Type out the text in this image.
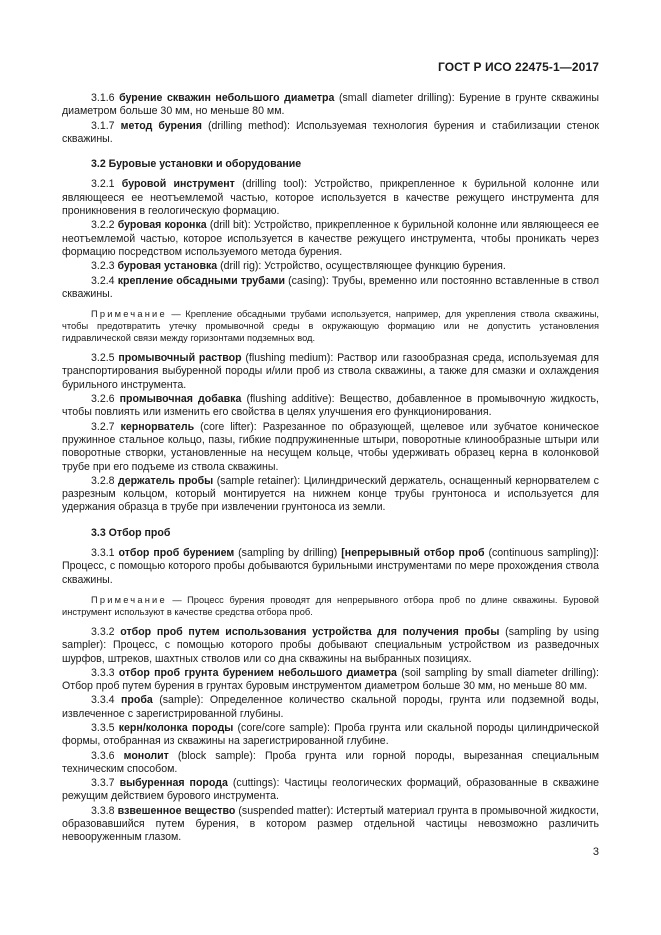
ГОСТ Р ИСО 22475-1—2017

3.1.6 бурение скважин небольшого диаметра (small diameter drilling): Бурение в грунте скважины диаметром больше 30 мм, но меньше 80 мм.

3.1.7 метод бурения (drilling method): Используемая технология бурения и стабилизации стенок скважины.

3.2 Буровые установки и оборудование

3.2.1 буровой инструмент (drilling tool): Устройство, прикрепленное к бурильной колонне или являющееся ее неотъемлемой частью, которое используется в качестве режущего инструмента для проникновения в геологическую формацию.

3.2.2 буровая коронка (drill bit): Устройство, прикрепленное к бурильной колонне или являющееся ее неотъемлемой частью, которое используется в качестве режущего инструмента, чтобы проникать через формацию посредством используемого метода бурения.

3.2.3 буровая установка (drill rig): Устройство, осуществляющее функцию бурения.

3.2.4 крепление обсадными трубами (casing): Трубы, временно или постоянно вставленные в ствол скважины.

Примечание — Крепление обсадными трубами используется, например, для укрепления ствола скважины, чтобы предотвратить утечку промывочной среды в окружающую формацию или не допустить установления гидравлической связи между горизонтами подземных вод.

3.2.5 промывочный раствор (flushing medium): Раствор или газообразная среда, используемая для транспортирования выбуренной породы и/или проб из ствола скважины, а также для смазки и охлаждения бурильного инструмента.

3.2.6 промывочная добавка (flushing additive): Вещество, добавленное в промывочную жидкость, чтобы повлиять или изменить его свойства в целях улучшения его функционирования.

3.2.7 кернорватель (core lifter): Разрезанное по образующей, щелевое или зубчатое коническое пружинное стальное кольцо, пазы, гибкие подпружиненные штыри, поворотные клинообразные штыри или поворотные створки, установленные на несущем кольце, чтобы удерживать образец керна в колонковой трубе при его подъеме из ствола скважины.

3.2.8 держатель пробы (sample retainer): Цилиндрический держатель, оснащенный кернорвателем с разрезным кольцом, который монтируется на нижнем конце трубы грунтоноса и используется для удержания образца в трубе при извлечении грунтоноса из земли.

3.3 Отбор проб

3.3.1 отбор проб бурением (sampling by drilling) [непрерывный отбор проб (continuous sampling)]: Процесс, с помощью которого пробы добываются бурильными инструментами по мере прохождения ствола скважины.

Примечание — Процесс бурения проводят для непрерывного отбора проб по длине скважины. Буровой инструмент используют в качестве средства отбора проб.

3.3.2 отбор проб путем использования устройства для получения пробы (sampling by using sampler): Процесс, с помощью которого пробы добывают специальным устройством из разведочных шурфов, штреков, шахтных стволов или со дна скважины на выбранных позициях.

3.3.3 отбор проб грунта бурением небольшого диаметра (soil sampling by small diameter drilling): Отбор проб путем бурения в грунтах буровым инструментом диаметром больше 30 мм, но меньше 80 мм.

3.3.4 проба (sample): Определенное количество скальной породы, грунта или подземной воды, извлеченное с зарегистрированной глубины.

3.3.5 керн/колонка породы (core/core sample): Проба грунта или скальной породы цилиндрической формы, отобранная из скважины на зарегистрированной глубине.

3.3.6 монолит (block sample): Проба грунта или горной породы, вырезанная специальным техническим способом.

3.3.7 выбуренная порода (cuttings): Частицы геологических формаций, образованные в скважине режущим действием бурового инструмента.

3.3.8 взвешенное вещество (suspended matter): Истертый материал грунта в промывочной жидкости, образовавшийся путем бурения, в котором размер отдельной частицы невозможно различить невооруженным глазом.

3
